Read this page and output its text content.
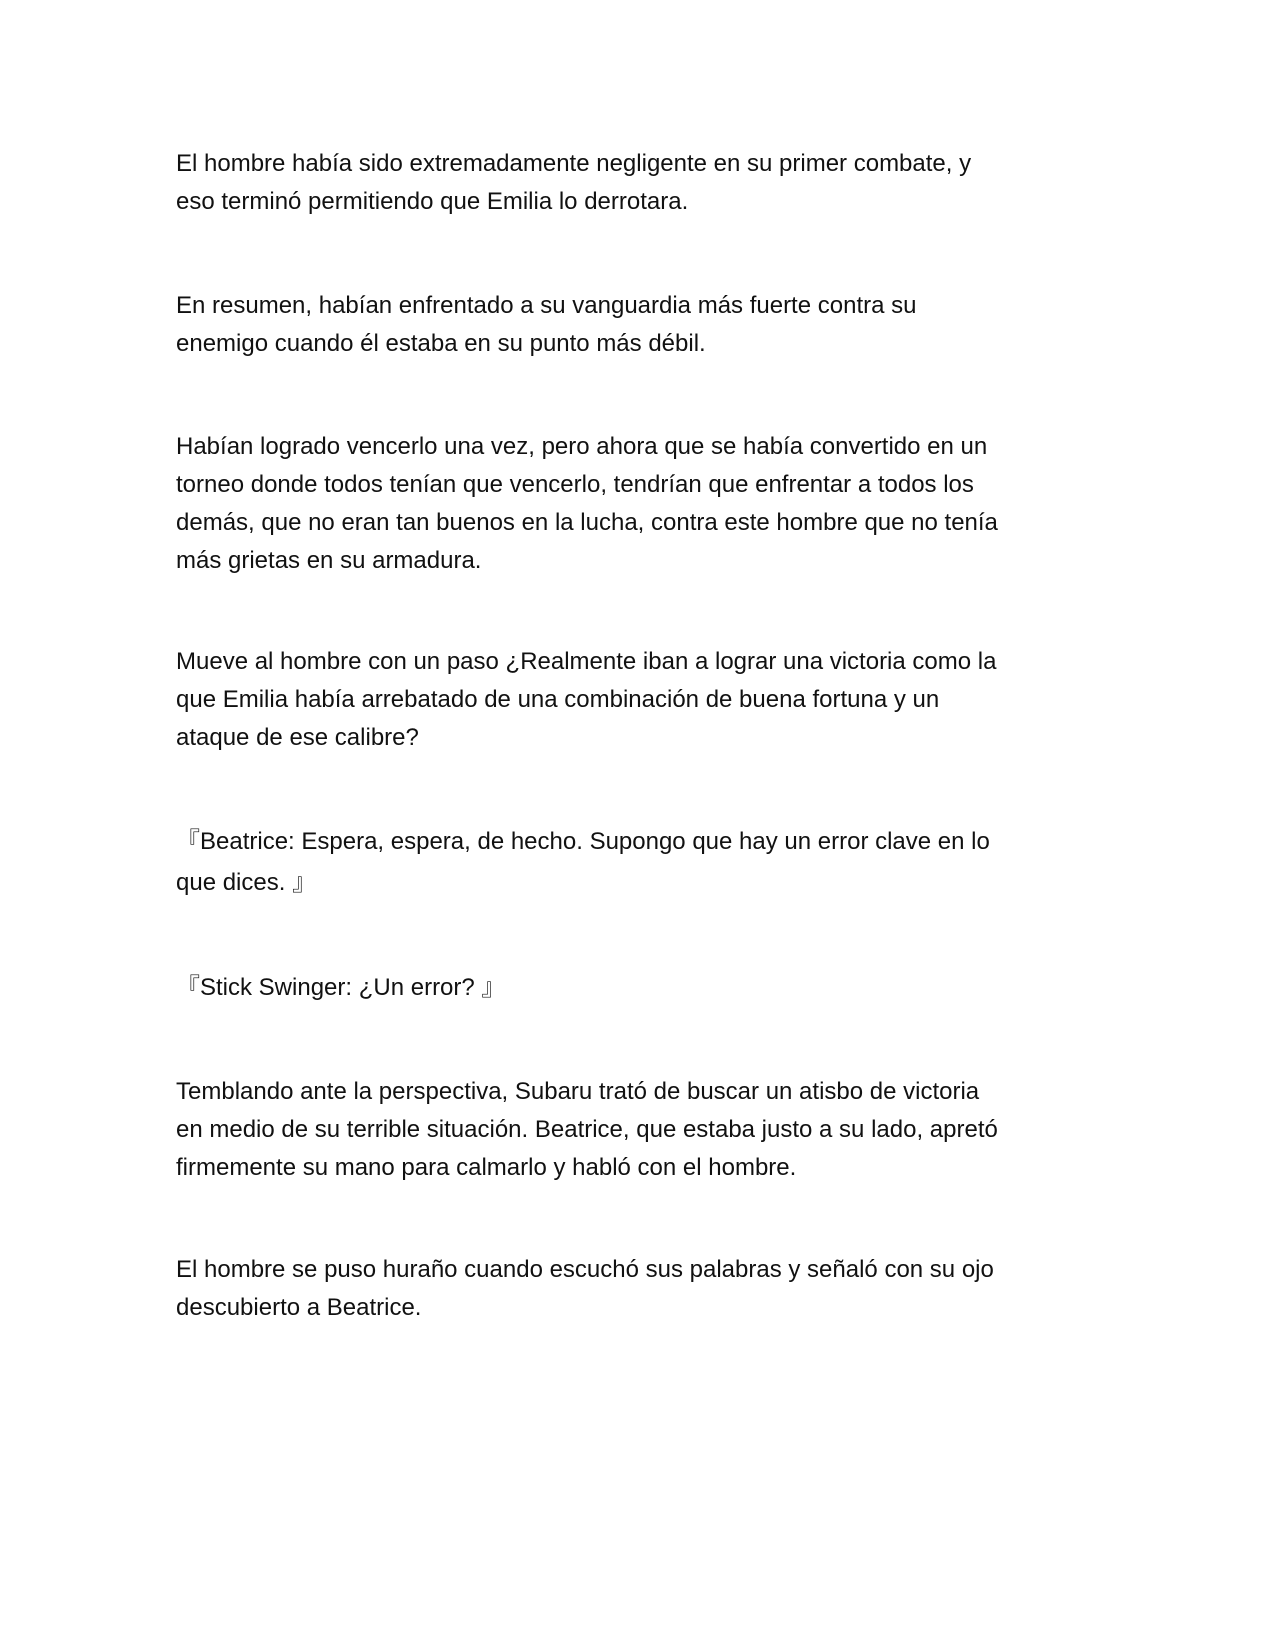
El hombre había sido extremadamente negligente en su primer combate, y
eso terminó permitiendo que Emilia lo derrotara.

En resumen, habían enfrentado a su vanguardia más fuerte contra su
enemigo cuando él estaba en su punto más débil.

Habían logrado vencerlo una vez, pero ahora que se había convertido en un
torneo donde todos tenían que vencerlo, tendrían que enfrentar a todos los
demás, que no eran tan buenos en la lucha, contra este hombre que no tenía
más grietas en su armadura.

Mueve al hombre con un paso ¿Realmente iban a lograr una victoria como la
que Emilia había arrebatado de una combinación de buena fortuna y un
ataque de ese calibre?

『Beatrice: Espera, espera, de hecho. Supongo que hay un error clave en lo
que dices. 』

『Stick Swinger: ¿Un error? 』

Temblando ante la perspectiva, Subaru trató de buscar un atisbo de victoria
en medio de su terrible situación. Beatrice, que estaba justo a su lado, apretó
firmemente su mano para calmarlo y habló con el hombre.

El hombre se puso huraño cuando escuchó sus palabras y señaló con su ojo
descubierto a Beatrice.
